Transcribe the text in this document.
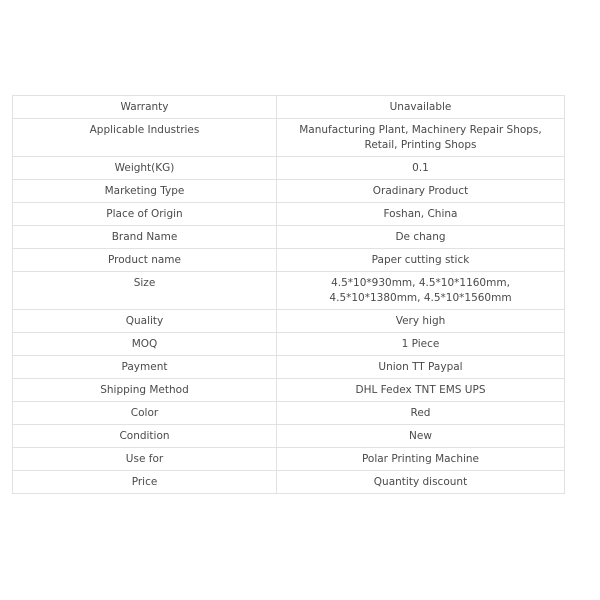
Warranty	Unavailable
Applicable Industries	Manufacturing Plant, Machinery Repair Shops, Retail, Printing Shops
Weight(KG)	0.1
Marketing Type	Oradinary Product
Place of Origin	Foshan, China
Brand Name	De chang
Product name	Paper cutting stick
Size	4.5*10*930mm, 4.5*10*1160mm, 4.5*10*1380mm, 4.5*10*1560mm
Quality	Very high
MOQ	1 Piece
Payment	Union TT Paypal
Shipping Method	DHL Fedex TNT EMS UPS
Color	Red
Condition	New
Use for	Polar Printing Machine
Price	Quantity discount
